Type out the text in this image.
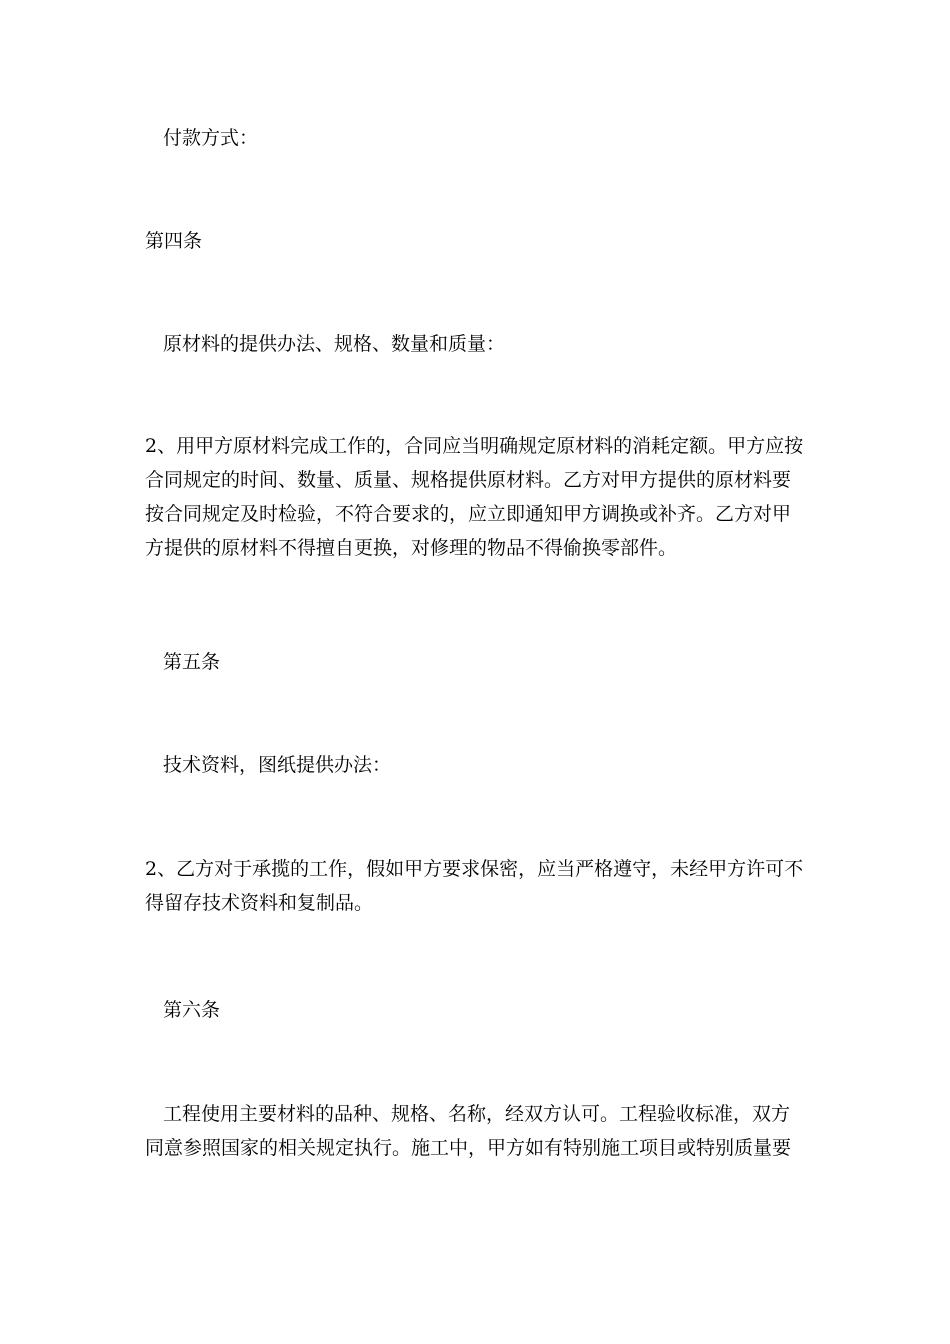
付款方式：
第四条
原材料的提供办法、规格、数量和质量：
2、用甲方原材料完成工作的，合同应当明确规定原材料的消耗定额。甲方应按
合同规定的时间、数量、质量、规格提供原材料。乙方对甲方提供的原材料要
按合同规定及时检验，不符合要求的，应立即通知甲方调换或补齐。乙方对甲
方提供的原材料不得擅自更换，对修理的物品不得偷换零部件。
第五条
技术资料，图纸提供办法：
2、乙方对于承揽的工作，假如甲方要求保密，应当严格遵守，未经甲方许可不
得留存技术资料和复制品。
第六条
工程使用主要材料的品种、规格、名称，经双方认可。工程验收标准，双方
同意参照国家的相关规定执行。施工中，甲方如有特别施工项目或特别质量要
